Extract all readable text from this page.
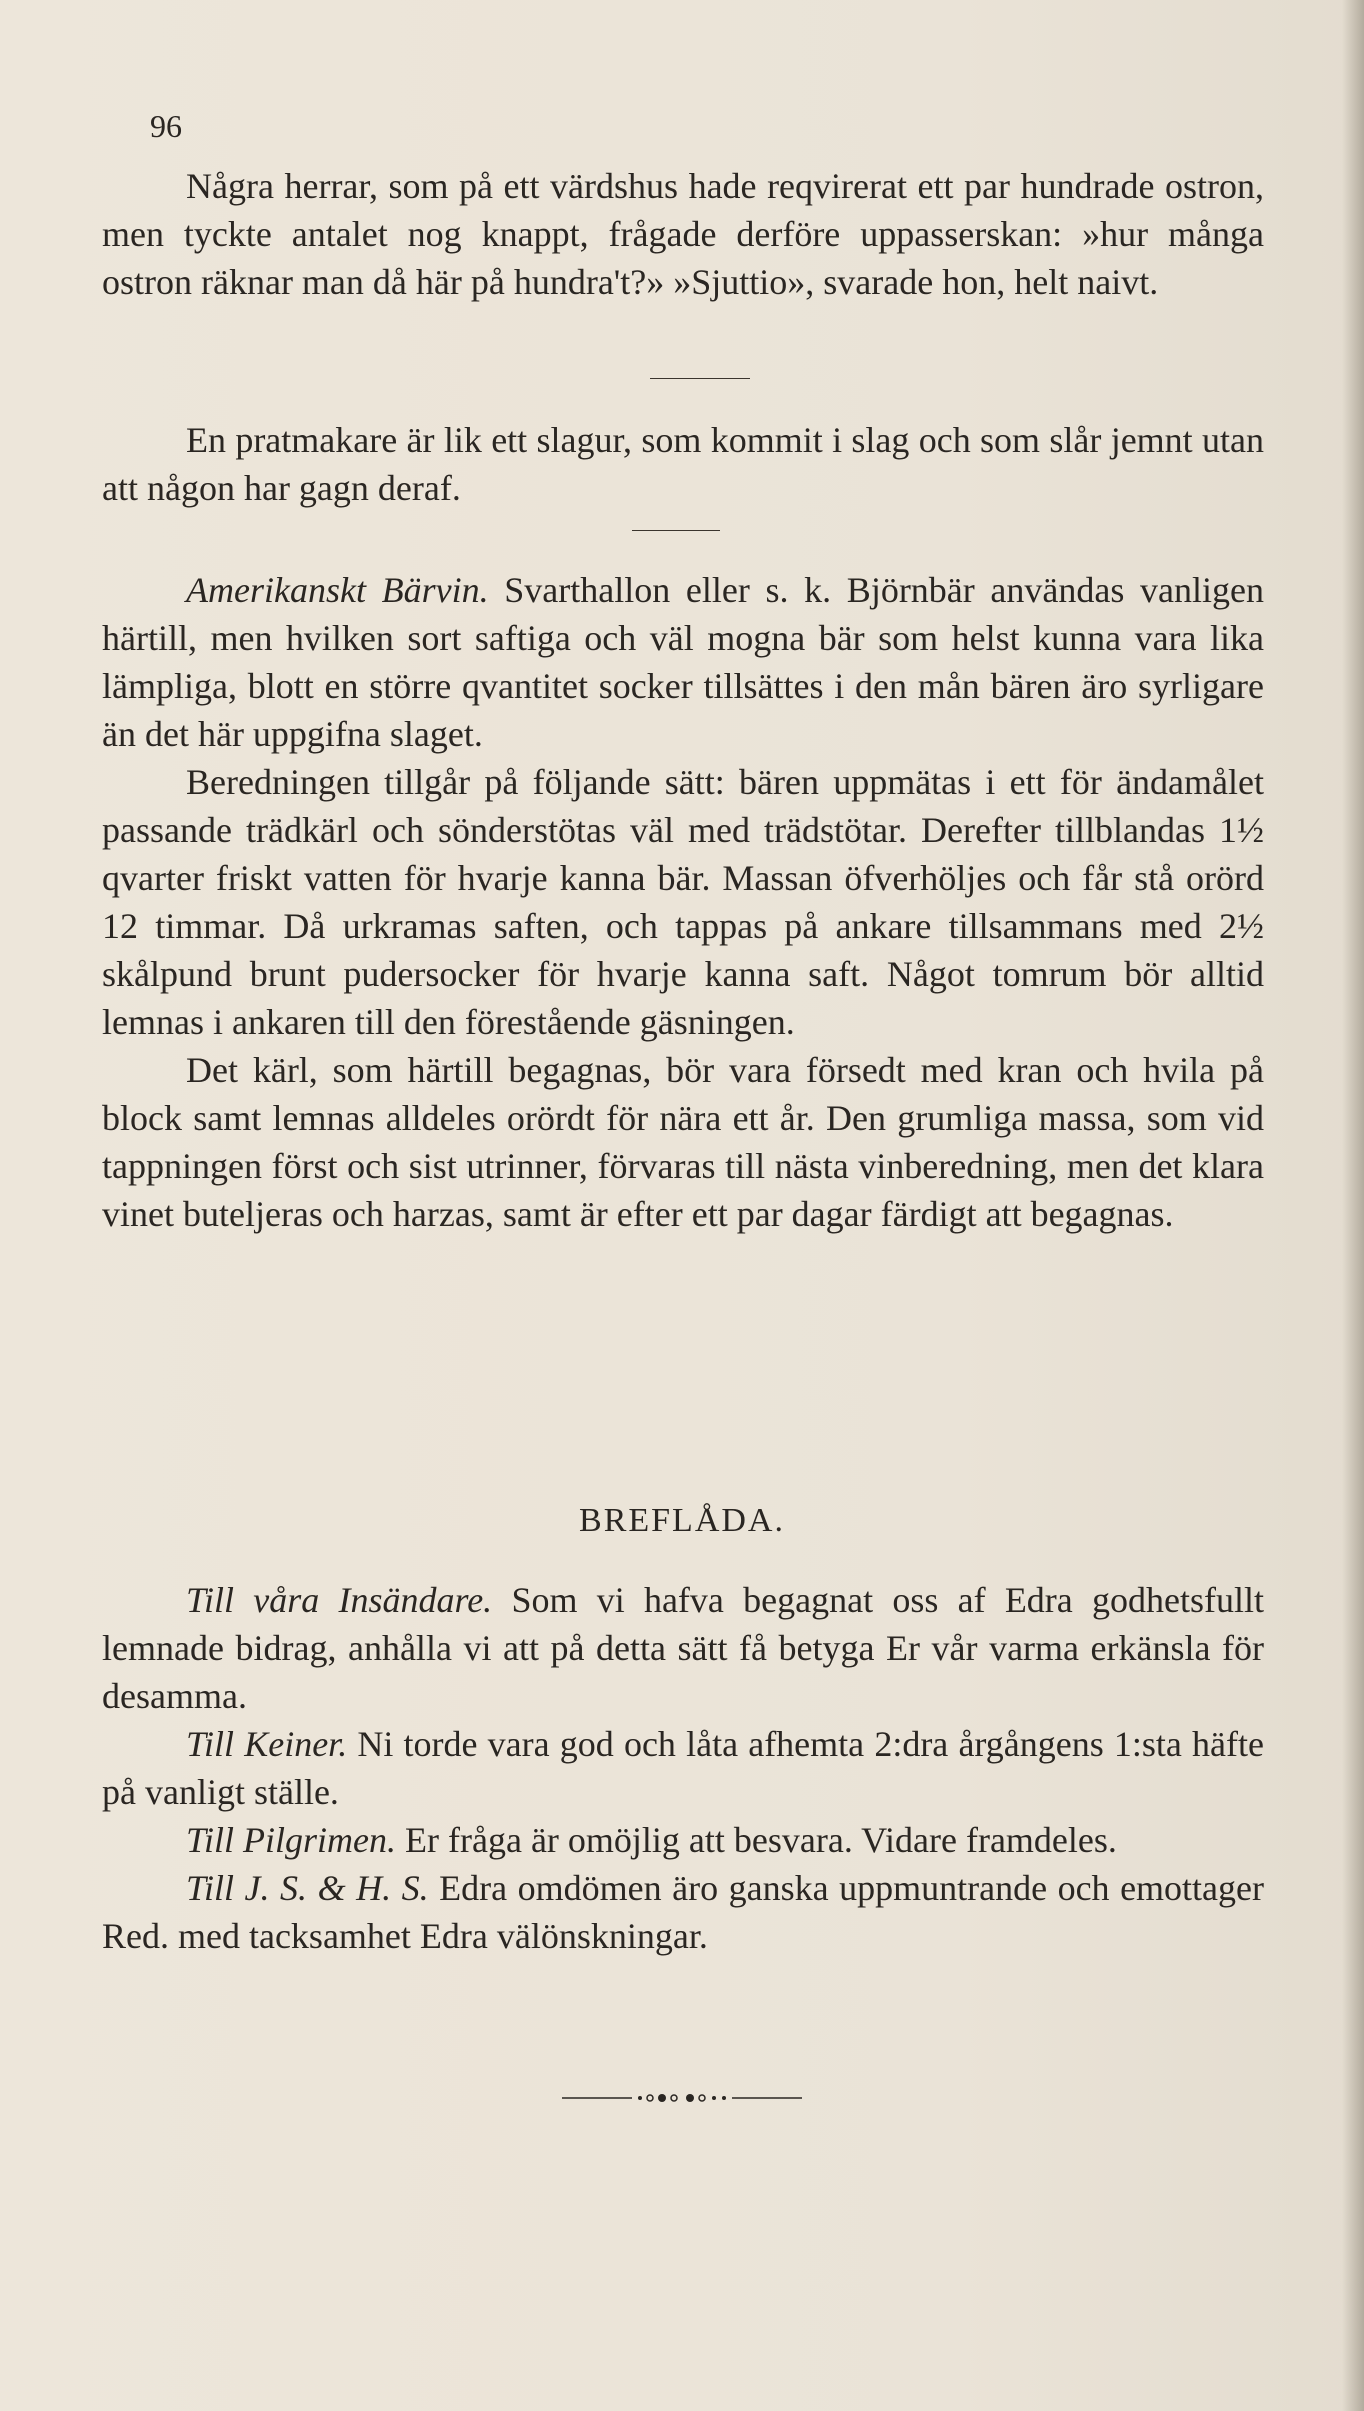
96

Några herrar, som på ett värdshus hade reqvirerat ett par hundrade ostron, men tyckte antalet nog knappt, frågade derföre uppasserskan: »hur många ostron räknar man då här på hundra't?» »Sjuttio», svarade hon, helt naivt.

En pratmakare är lik ett slagur, som kommit i slag och som slår jemnt utan att någon har gagn deraf.

Amerikanskt Bärvin. Svarthallon eller s. k. Björnbär användas vanligen härtill, men hvilken sort saftiga och väl mogna bär som helst kunna vara lika lämpliga, blott en större qvantitet socker tillsättes i den mån bären äro syrligare än det här uppgifna slaget.

Beredningen tillgår på följande sätt: bären uppmätas i ett för ändamålet passande trädkärl och sönderstötas väl med trädstötar. Derefter tillblandas 1½ qvarter friskt vatten för hvarje kanna bär. Massan öfverhöljes och får stå orörd 12 timmar. Då urkramas saften, och tappas på ankare tillsammans med 2½ skålpund brunt pudersocker för hvarje kanna saft. Något tomrum bör alltid lemnas i ankaren till den förestående gäsningen.

Det kärl, som härtill begagnas, bör vara försedt med kran och hvila på block samt lemnas alldeles orördt för nära ett år. Den grumliga massa, som vid tappningen först och sist utrinner, förvaras till nästa vinberedning, men det klara vinet buteljeras och harzas, samt är efter ett par dagar färdigt att begagnas.

BREFLÅDA.

Till våra Insändare. Som vi hafva begagnat oss af Edra godhetsfullt lemnade bidrag, anhålla vi att på detta sätt få betyga Er vår varma erkänsla för desamma.

Till Keiner. Ni torde vara god och låta afhemta 2:dra årgångens 1:sta häfte på vanligt ställe.

Till Pilgrimen. Er fråga är omöjlig att besvara. Vidare framdeles.

Till J. S. & H. S. Edra omdömen äro ganska uppmuntrande och emottager Red. med tacksamhet Edra välönskningar.
